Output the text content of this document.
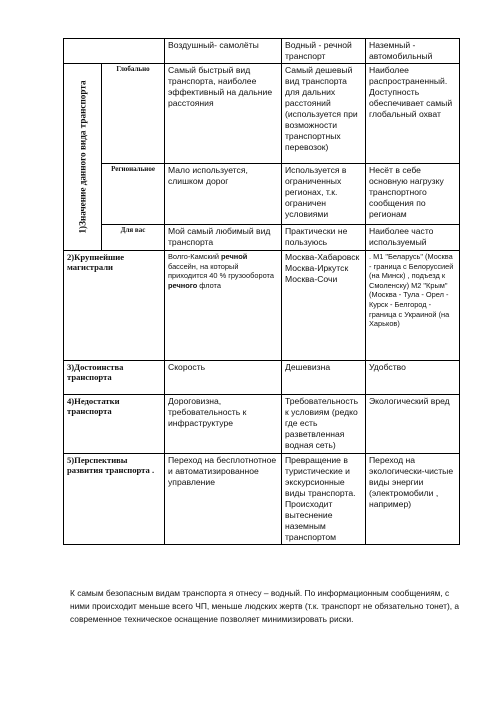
		Воздушный- самолёты	Водный - речной транспорт	Наземный - автомобильный

1)Значение данного вида транспорта	Глобально	Самый быстрый вид транспорта, наиболее эффективный на дальние расстояния	Самый дешевый вид транспорта для дальних расстояний (используется при возможности транспортных перевозок)	Наиболее распространенный. Доступность обеспечивает самый глобальный охват
	Региональное	Мало используется, слишком дорог	Используется в ограниченных регионах, т.к. ограничен условиями	Несёт в себе основную нагрузку транспортного сообщения по регионам
	Для вас	Мой самый любимый вид транспорта	Практически не пользуюсь	Наиболее часто используемый
2)Крупнейшие магистрали		Волго-Камский речной бассейн, на который приходится 40 % грузооборота речного флота	Москва-Хабаровск Москва-Иркутск Москва-Сочи	. М1 "Беларусь" (Москва - граница с Белоруссией (на Минск) , подъезд к Смоленску) М2 "Крым" (Москва - Тула - Орел - Курск - Белгород - граница с Украиной (на Харьков)
3)Достоинства транспорта		Скорость	Дешевизна	Удобство
4)Недостатки транспорта		Дороговизна, требовательность к инфраструктуре	Требовательность к условиям (редко где есть разветвленная водная сеть)	Экологический вред
5)Перспективы развития транспорта .		Переход на бесплотнотное и автоматизированное управление	Превращение в туристические и экскурсионные виды транспорта. Происходит вытеснение наземным транспортом	Переход на экологически-чистые виды энергии (электромобили , например)

К самым безопасным видам транспорта я отнесу – водный. По информационным сообщениям, с ними происходит меньше всего ЧП, меньше людских жертв (т.к. транспорт не обязательно тонет), а современное техническое оснащение позволяет минимизировать риски.
